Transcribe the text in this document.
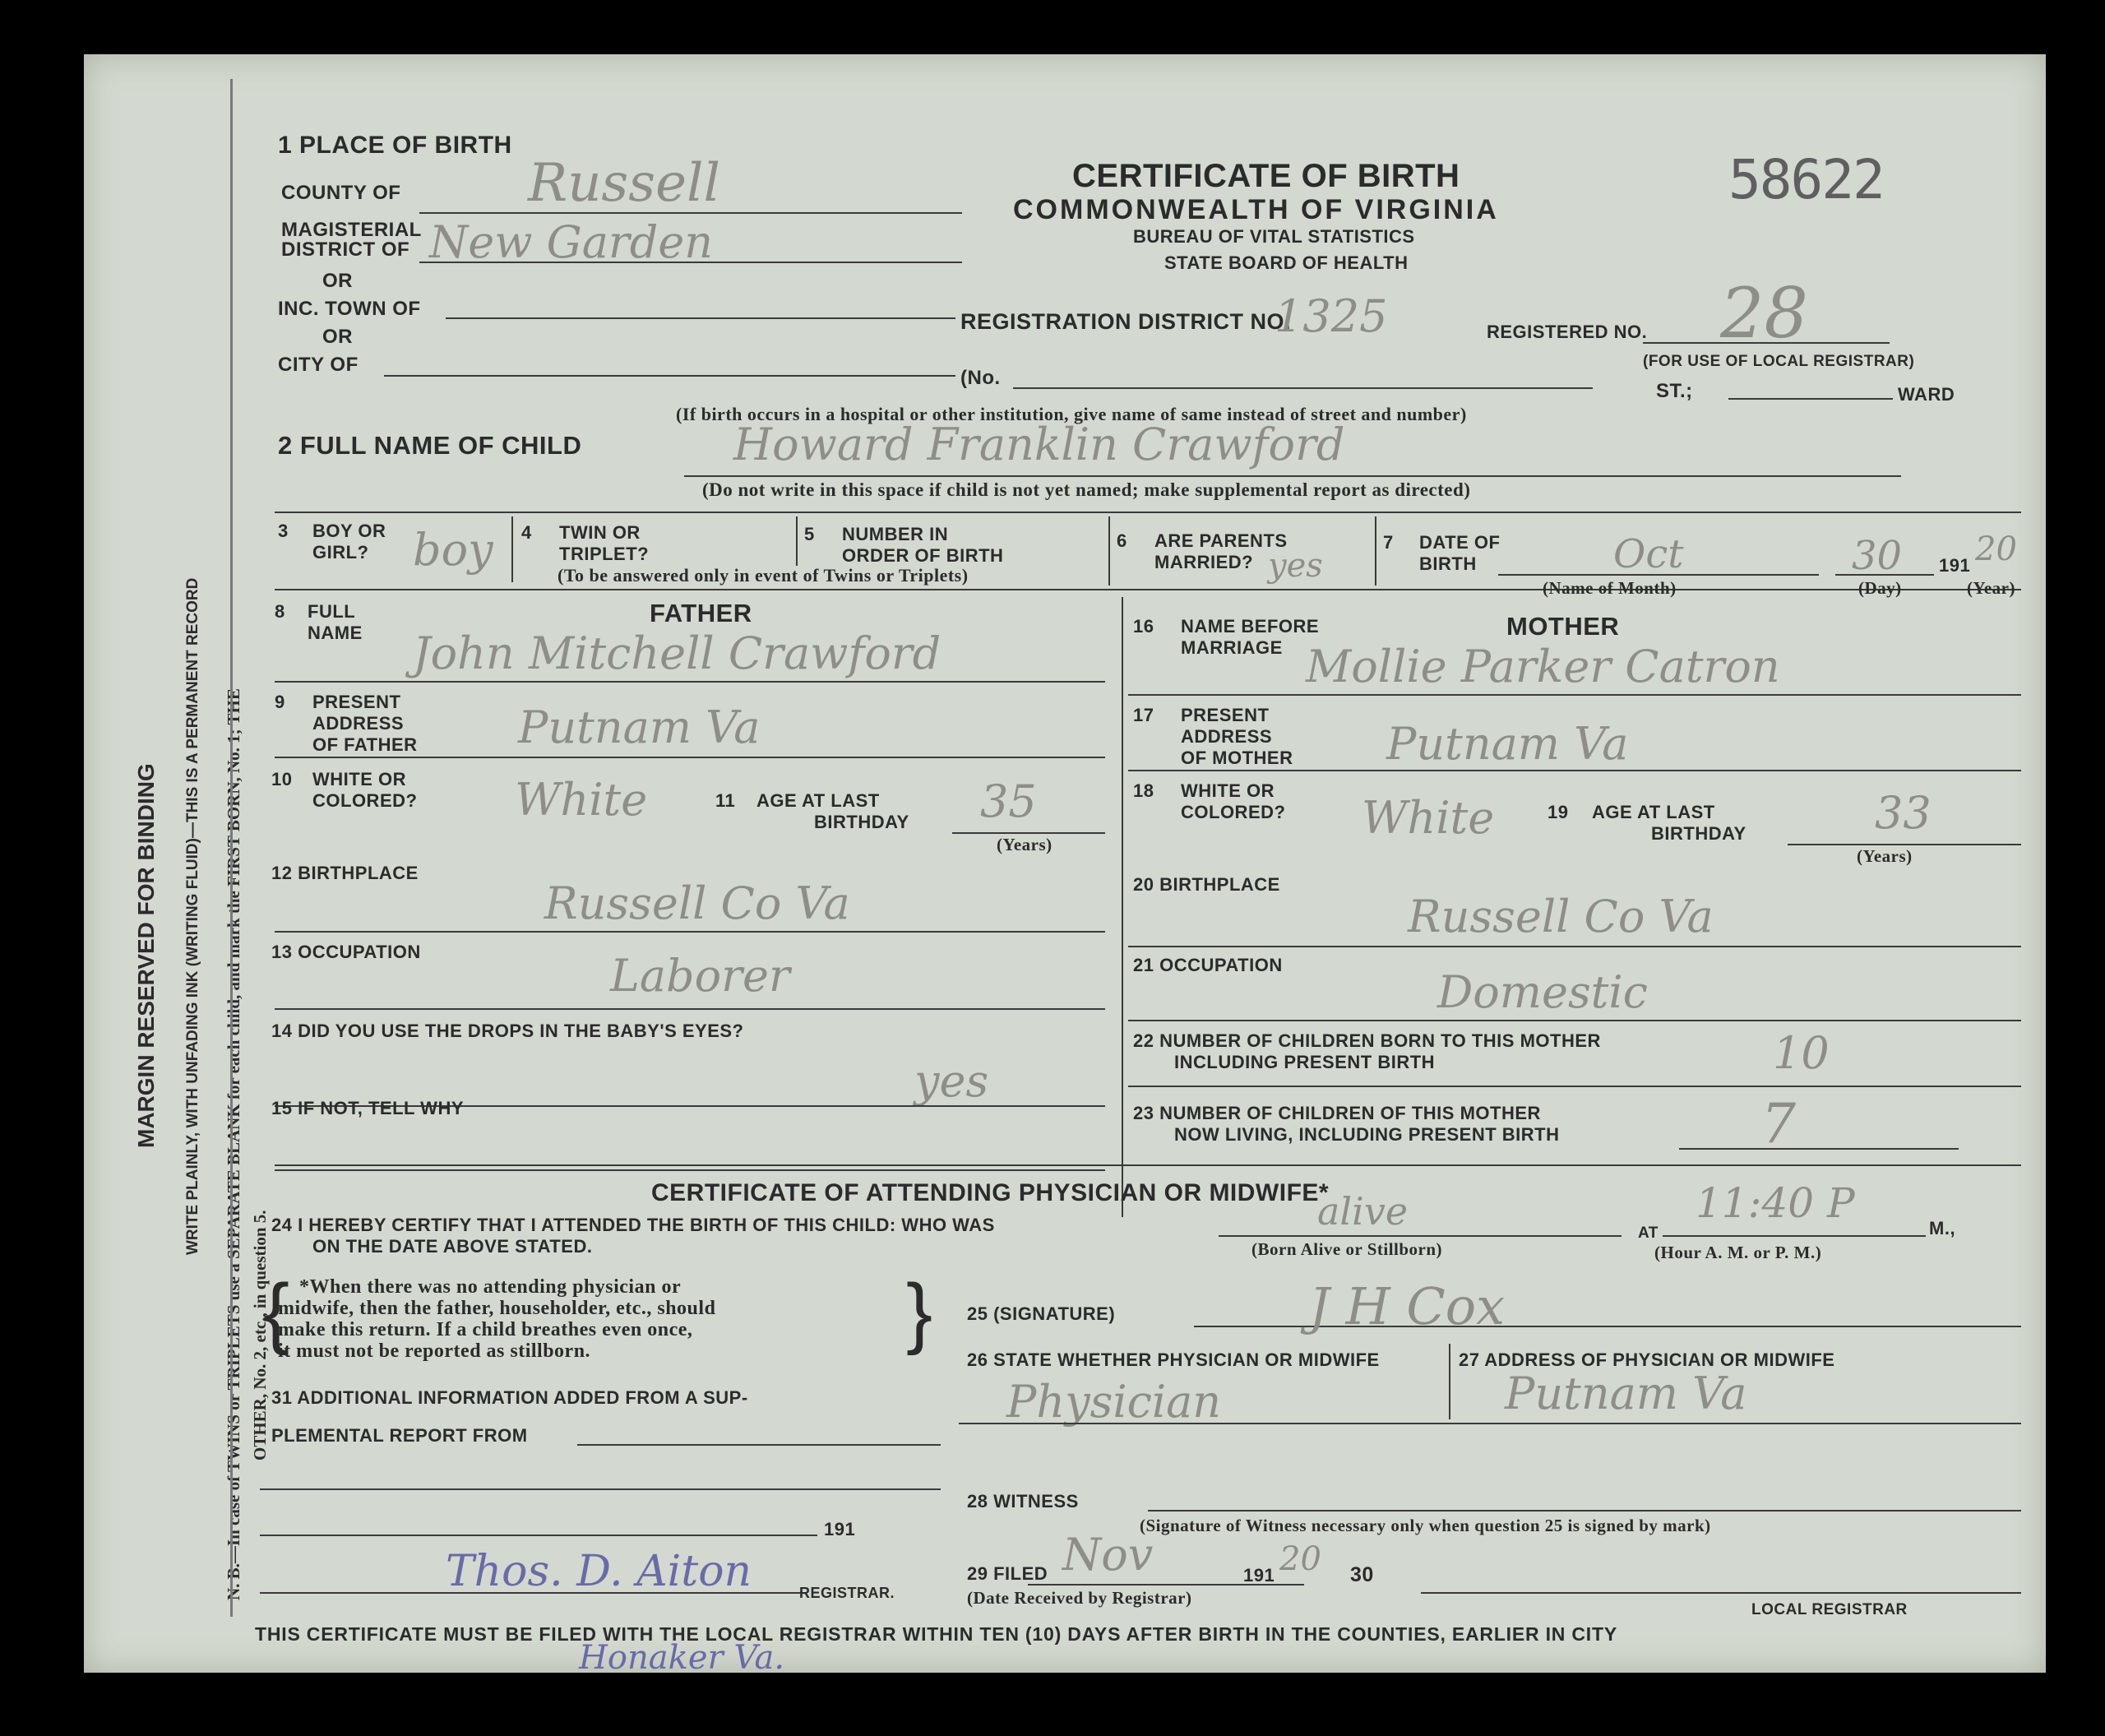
MARGIN RESERVED FOR BINDING WRITE PLAINLY, WITH UNFADING INK (WRITING FLUID)—THIS IS A PERMANENT RECORD N. B.—In case of TWINS or TRIPLETS use a SEPARATE BLANK for each child, and mark the FIRST BORN, No. 1; THE OTHER, No. 2, etc., in question 5.
58622
CERTIFICATE OF BIRTH
COMMONWEALTH OF VIRGINIA
BUREAU OF VITAL STATISTICS
STATE BOARD OF HEALTH
1 PLACE OF BIRTH
COUNTY OF Russell
MAGISTERIAL
DISTRICT OF New Garden
OR
INC. TOWN OF
OR
CITY OF
(No.
ST.;	WARD
(If birth occurs in a hospital or other institution, give name of same instead of street and number)
REGISTRATION DISTRICT NO.
1325	REGISTERED NO. 28
(FOR USE OF LOCAL REGISTRAR)
2 FULL NAME OF CHILD	Howard Franklin Crawford
(Do not write in this space if child is not yet named; make supplemental report as directed)
3 BOY OR
GIRL? boy 4 TWIN OR
TRIPLET?
(To be answered only in event of Twins or Triplets)
5 NUMBER IN
ORDER OF BIRTH
6 ARE PARENTS
MARRIED? yes
7 DATE OF
BIRTH	Oct	30 191 20
(Name of Month)	(Day)	(Year)
FATHER
8 FULL
NAME John Mitchell Crawford
9 PRESENT
ADDRESS
OF FATHER Putnam Va
10 WHITE OR
COLORED? White	11 AGE AT LAST
BIRTHDAY 35
(Years)
12 BIRTHPLACE
Russell Co Va
13 OCCUPATION	Laborer
14 DID YOU USE THE DROPS IN THE BABY'S EYES?
yes
15 IF NOT, TELL WHY
MOTHER
16 NAME BEFORE
MARRIAGE Mollie Parker Catron
17 PRESENT
ADDRESS
OF MOTHER Putnam Va
18 WHITE OR
COLORED? White	19 AGE AT LAST
BIRTHDAY	33
(Years)
20 BIRTHPLACE
Russell Co Va
21 OCCUPATION
Domestic
22 NUMBER OF CHILDREN BORN TO THIS MOTHER
INCLUDING PRESENT BIRTH	10
23 NUMBER OF CHILDREN OF THIS MOTHER
NOW LIVING, INCLUDING PRESENT BIRTH	7
CERTIFICATE OF ATTENDING PHYSICIAN OR MIDWIFE*
24 I HEREBY CERTIFY THAT I ATTENDED THE BIRTH OF THIS CHILD: WHO WAS
ON THE DATE ABOVE STATED.
alive
(Born Alive or Stillborn)
AT
11:40 P
M.,
(Hour A. M. or P. M.)
{ *When there was no attending physician or
midwife, then the father, householder, etc., should
make this return. If a child breathes even once,
it must not be reported as stillborn.	} 25 (SIGNATURE)	J H Cox
26 STATE WHETHER PHYSICIAN OR MIDWIFE	27 ADDRESS OF PHYSICIAN OR MIDWIFE
Physician	Putnam Va
31 ADDITIONAL INFORMATION ADDED FROM A SUP-
PLEMENTAL REPORT FROM
191
Thos. D. Aiton	REGISTRAR.
28 WITNESS
(Signature of Witness necessary only when question 25 is signed by mark)
29 FILED Nov	191 20 30
(Date Received by Registrar)
LOCAL REGISTRAR
THIS CERTIFICATE MUST BE FILED WITH THE LOCAL REGISTRAR WITHIN TEN (10) DAYS AFTER BIRTH IN THE COUNTIES, EARLIER IN CITY
Honaker Va.
